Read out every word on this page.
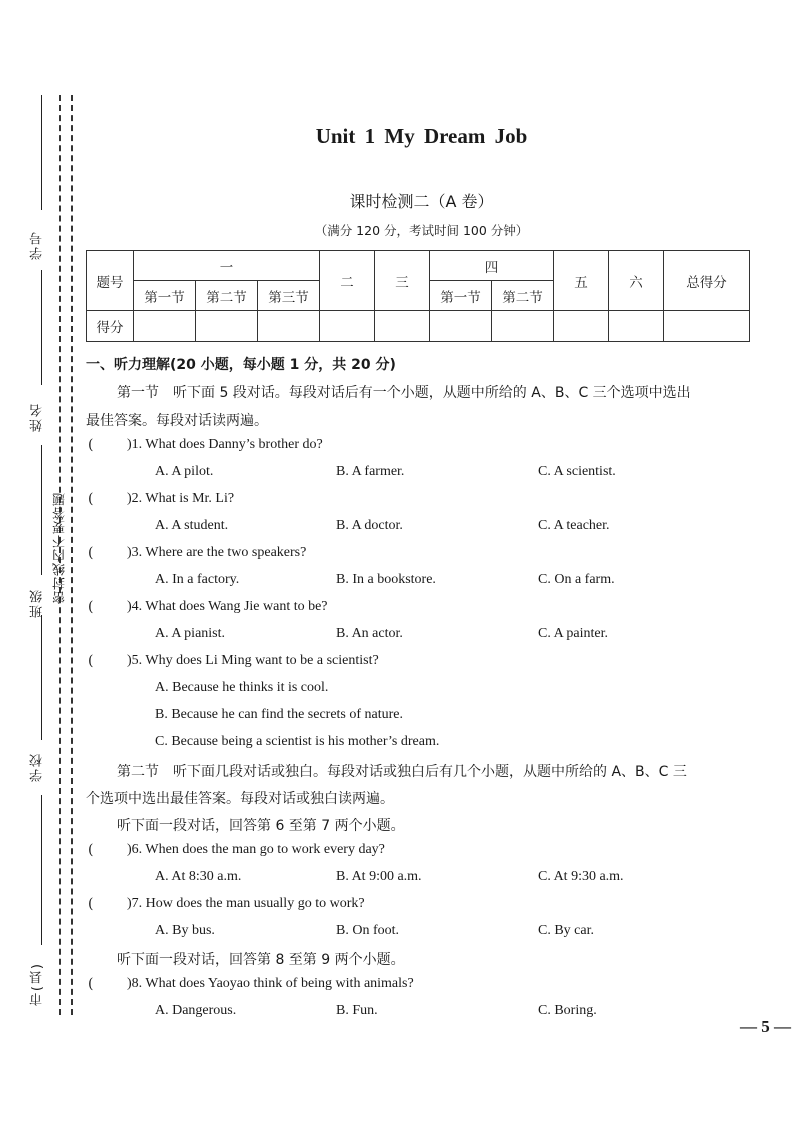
学号
姓名
班级
学校
市(县)
密封线内不要答题
Unit 1 My Dream Job
课时检测二（A 卷）
（满分 120 分，考试时间 100 分钟）
题号	一			二	三	四		五	六	总得分
	第一节	第二节	第三节			第一节	第二节			
得分										
一、听力理解(20 小题，每小题 1 分，共 20 分)
第一节　听下面 5 段对话。每段对话后有一个小题，从题中所给的 A、B、C 三个选项中选出
最佳答案。每段对话读两遍。
( )1. What does Danny’s brother do?
A. A pilot.	B. A farmer.	C. A scientist.
( )2. What is Mr. Li?
A. A student.	B. A doctor.	C. A teacher.
( )3. Where are the two speakers?
A. In a factory.	B. In a bookstore.	C. On a farm.
( )4. What does Wang Jie want to be?
A. A pianist.	B. An actor.	C. A painter.
( )5. Why does Li Ming want to be a scientist?
A. Because he thinks it is cool.
B. Because he can find the secrets of nature.
C. Because being a scientist is his mother’s dream.
第二节　听下面几段对话或独白。每段对话或独白后有几个小题，从题中所给的 A、B、C 三
个选项中选出最佳答案。每段对话或独白读两遍。
听下面一段对话，回答第 6 至第 7 两个小题。
( )6. When does the man go to work every day?
A. At 8:30 a.m.	B. At 9:00 a.m.	C. At 9:30 a.m.
( )7. How does the man usually go to work?
A. By bus.	B. On foot.	C. By car.
听下面一段对话，回答第 8 至第 9 两个小题。
( )8. What does Yaoyao think of being with animals?
A. Dangerous.	B. Fun.	C. Boring.
— 5 —
